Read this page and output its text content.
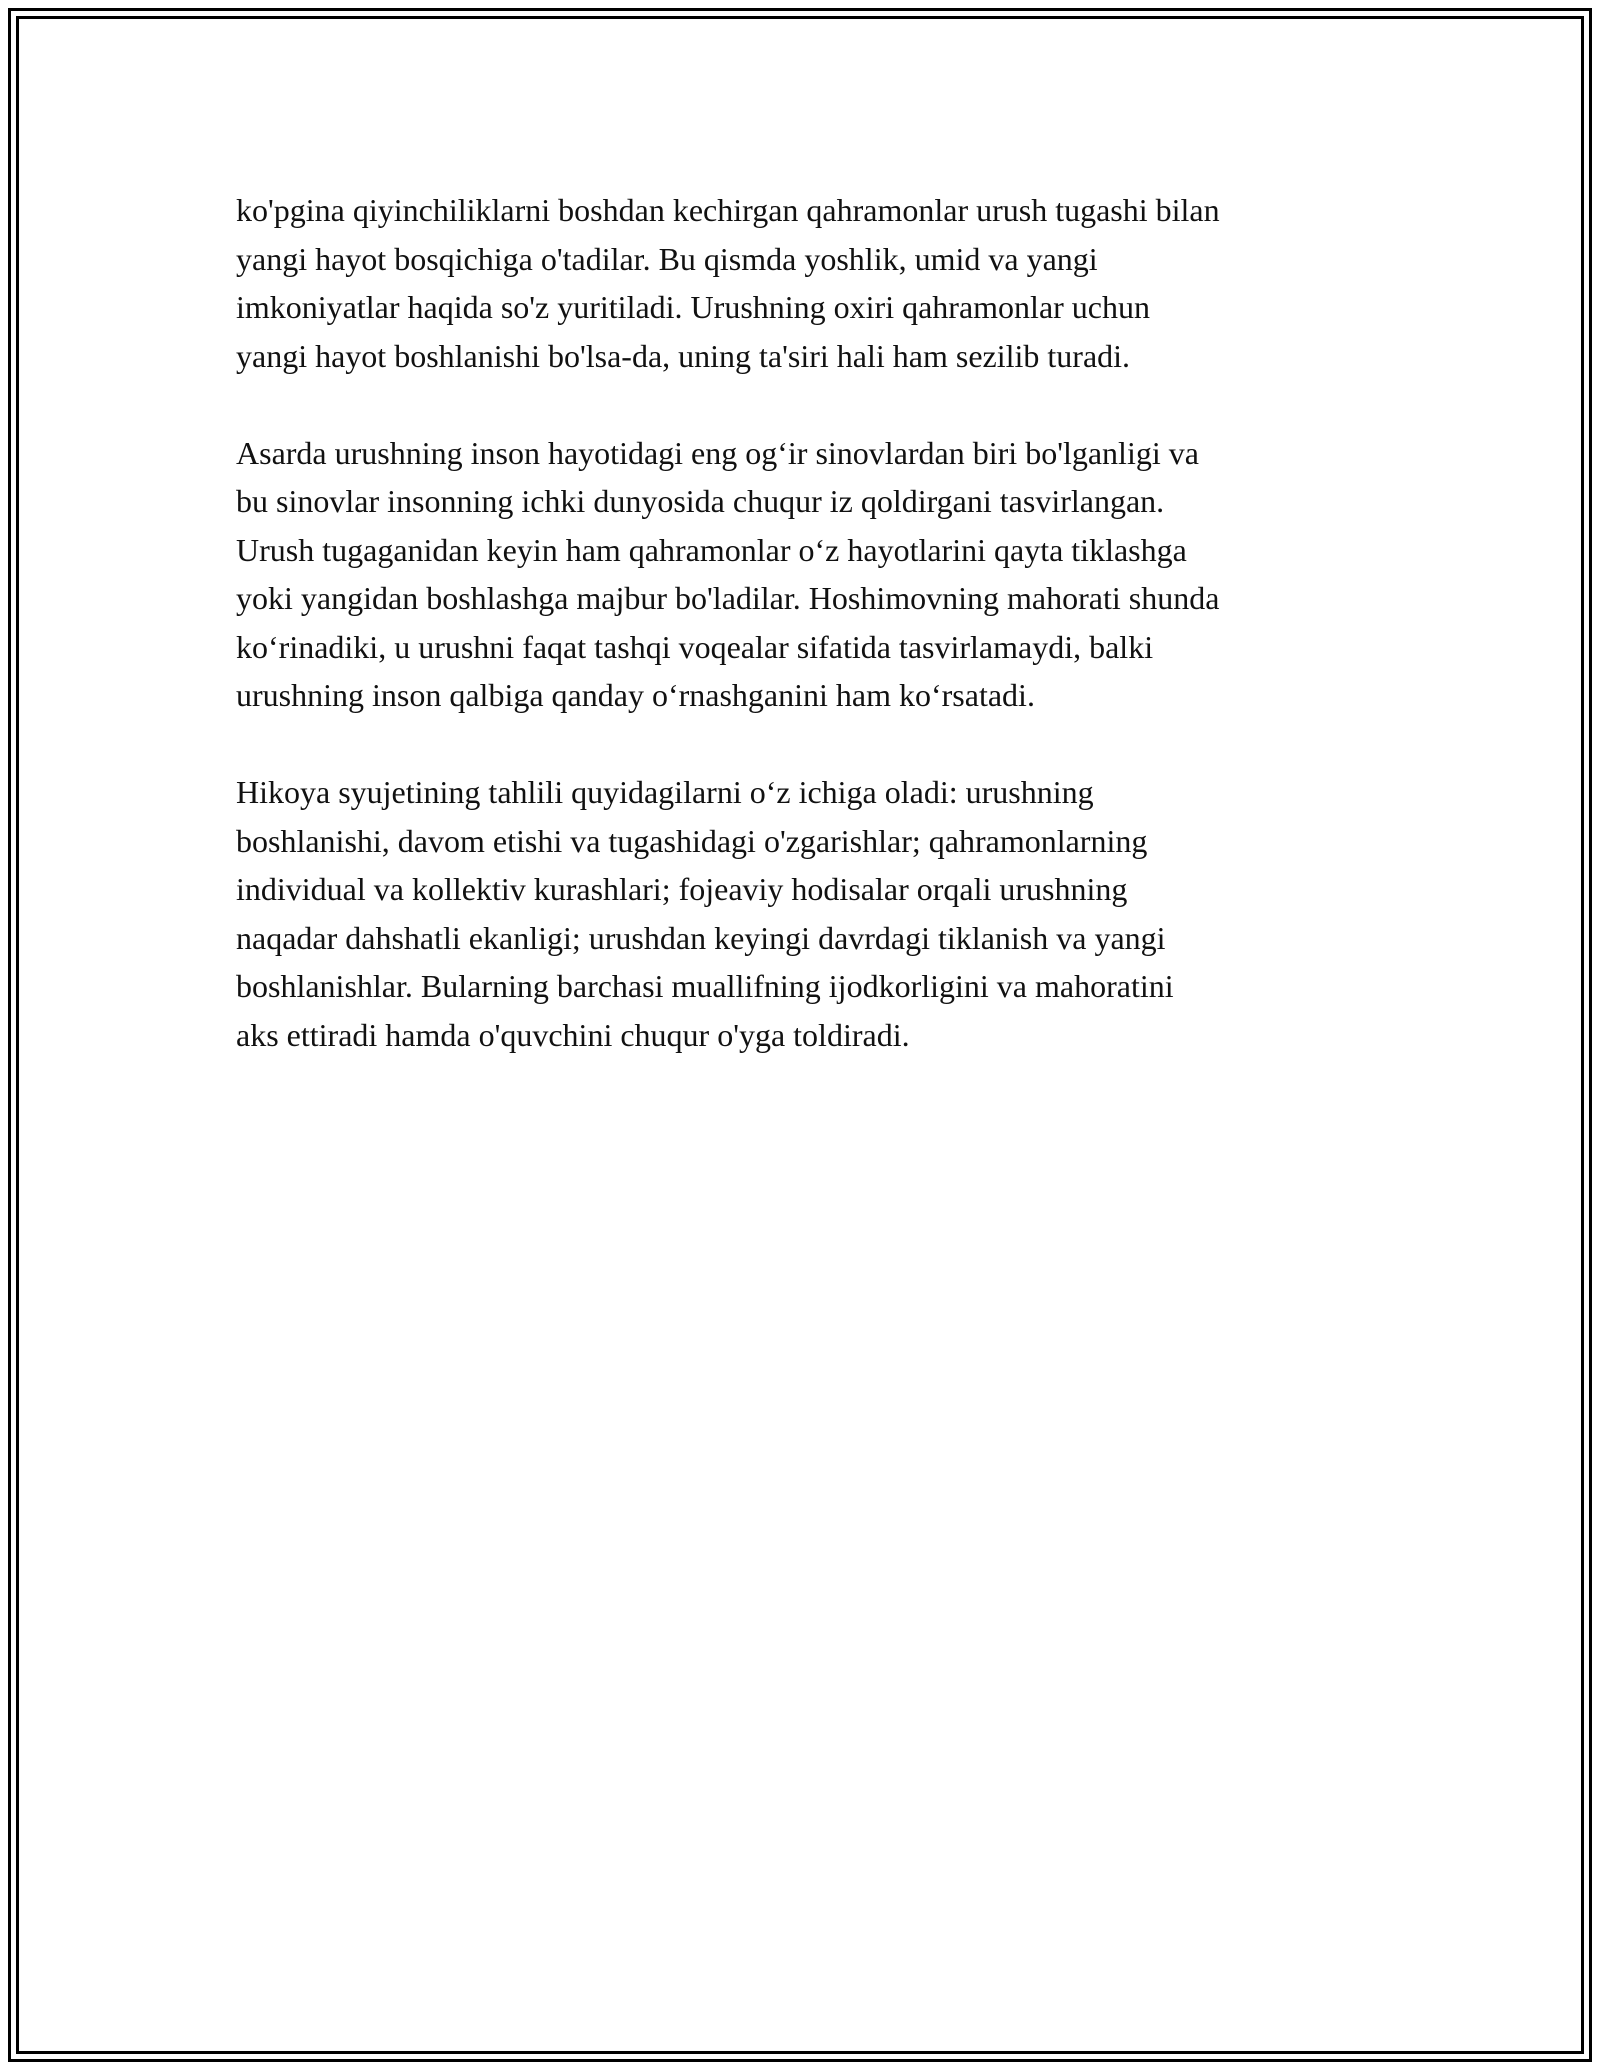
ko'pgina qiyinchiliklarni boshdan kechirgan qahramonlar urush tugashi bilan
yangi hayot bosqichiga o'tadilar. Bu qismda yoshlik, umid va yangi
imkoniyatlar haqida so'z yuritiladi. Urushning oxiri qahramonlar uchun
yangi hayot boshlanishi bo'lsa-da, uning ta'siri hali ham sezilib turadi.

Asarda urushning inson hayotidagi eng og‘ir sinovlardan biri bo'lganligi va
bu sinovlar insonning ichki dunyosida chuqur iz qoldirgani tasvirlangan.
Urush tugaganidan keyin ham qahramonlar o‘z hayotlarini qayta tiklashga
yoki yangidan boshlashga majbur bo'ladilar. Hoshimovning mahorati shunda
ko‘rinadiki, u urushni faqat tashqi voqealar sifatida tasvirlamaydi, balki
urushning inson qalbiga qanday o‘rnashganini ham ko‘rsatadi.

Hikoya syujetining tahlili quyidagilarni o‘z ichiga oladi: urushning
boshlanishi, davom etishi va tugashidagi o'zgarishlar; qahramonlarning
individual va kollektiv kurashlari; fojeaviy hodisalar orqali urushning
naqadar dahshatli ekanligi; urushdan keyingi davrdagi tiklanish va yangi
boshlanishlar. Bularning barchasi muallifning ijodkorligini va mahoratini
aks ettiradi hamda o'quvchini chuqur o'yga toldiradi.
